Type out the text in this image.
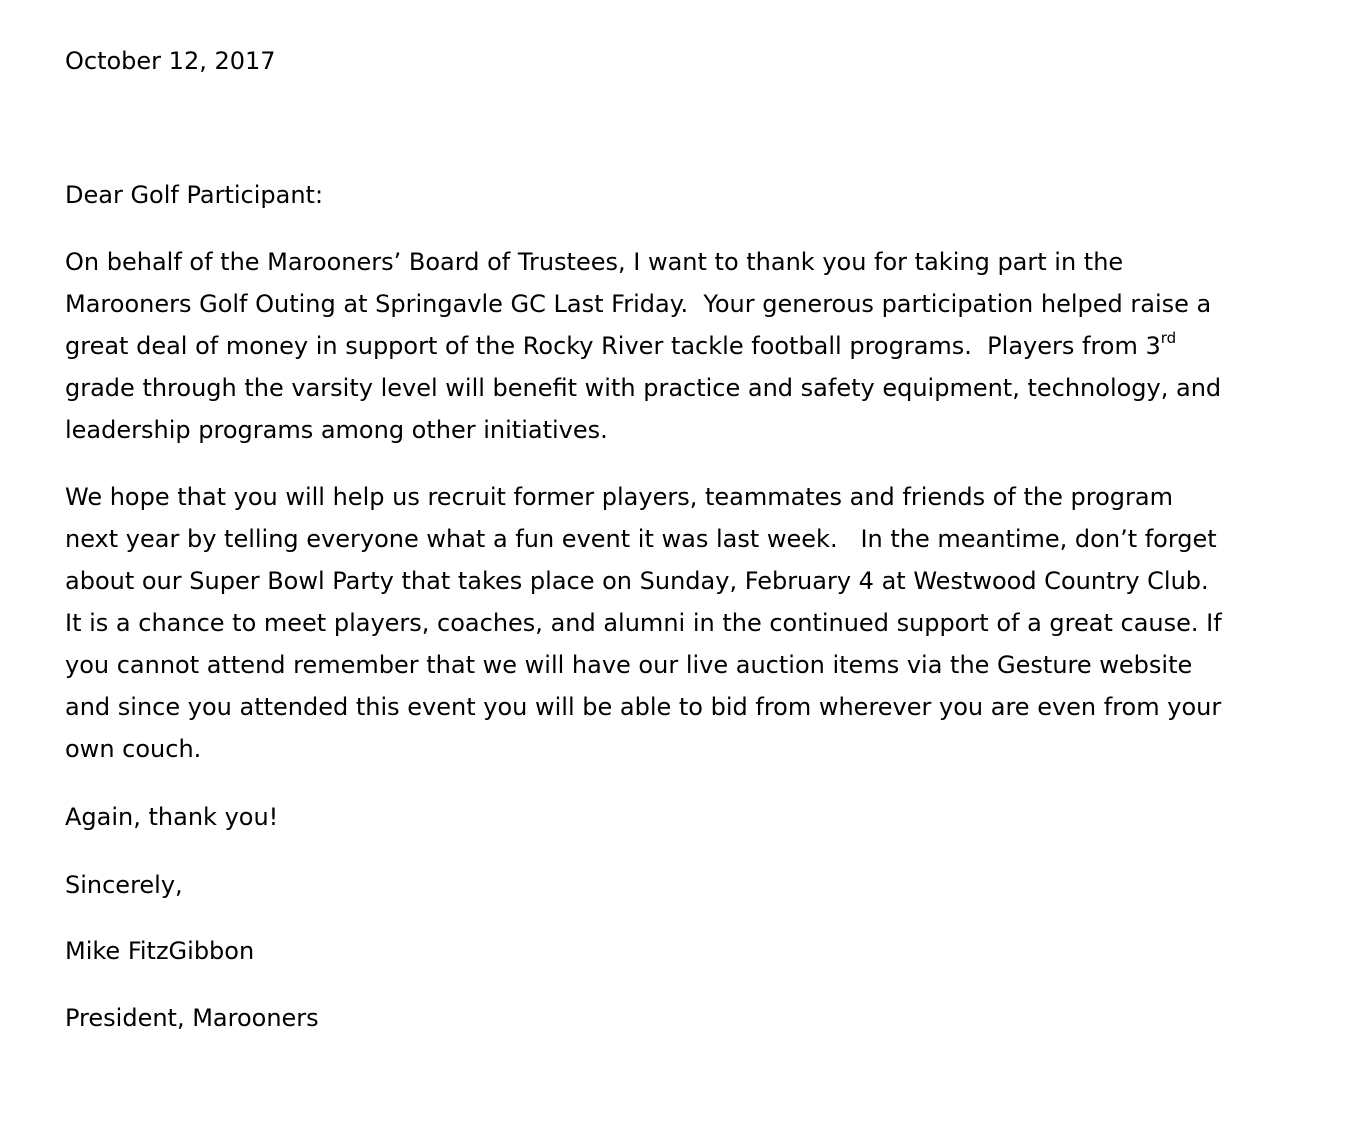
October 12, 2017
Dear Golf Participant:
On behalf of the Marooners’ Board of Trustees, I want to thank you for taking part in the
Marooners Golf Outing at Springavle GC Last Friday.  Your generous participation helped raise a
great deal of money in support of the Rocky River tackle football programs.  Players from 3rd
grade through the varsity level will benefit with practice and safety equipment, technology, and
leadership programs among other initiatives.
We hope that you will help us recruit former players, teammates and friends of the program
next year by telling everyone what a fun event it was last week.   In the meantime, don’t forget
about our Super Bowl Party that takes place on Sunday, February 4 at Westwood Country Club.
It is a chance to meet players, coaches, and alumni in the continued support of a great cause. If
you cannot attend remember that we will have our live auction items via the Gesture website
and since you attended this event you will be able to bid from wherever you are even from your
own couch.
Again, thank you!
Sincerely,
Mike FitzGibbon
President, Marooners
